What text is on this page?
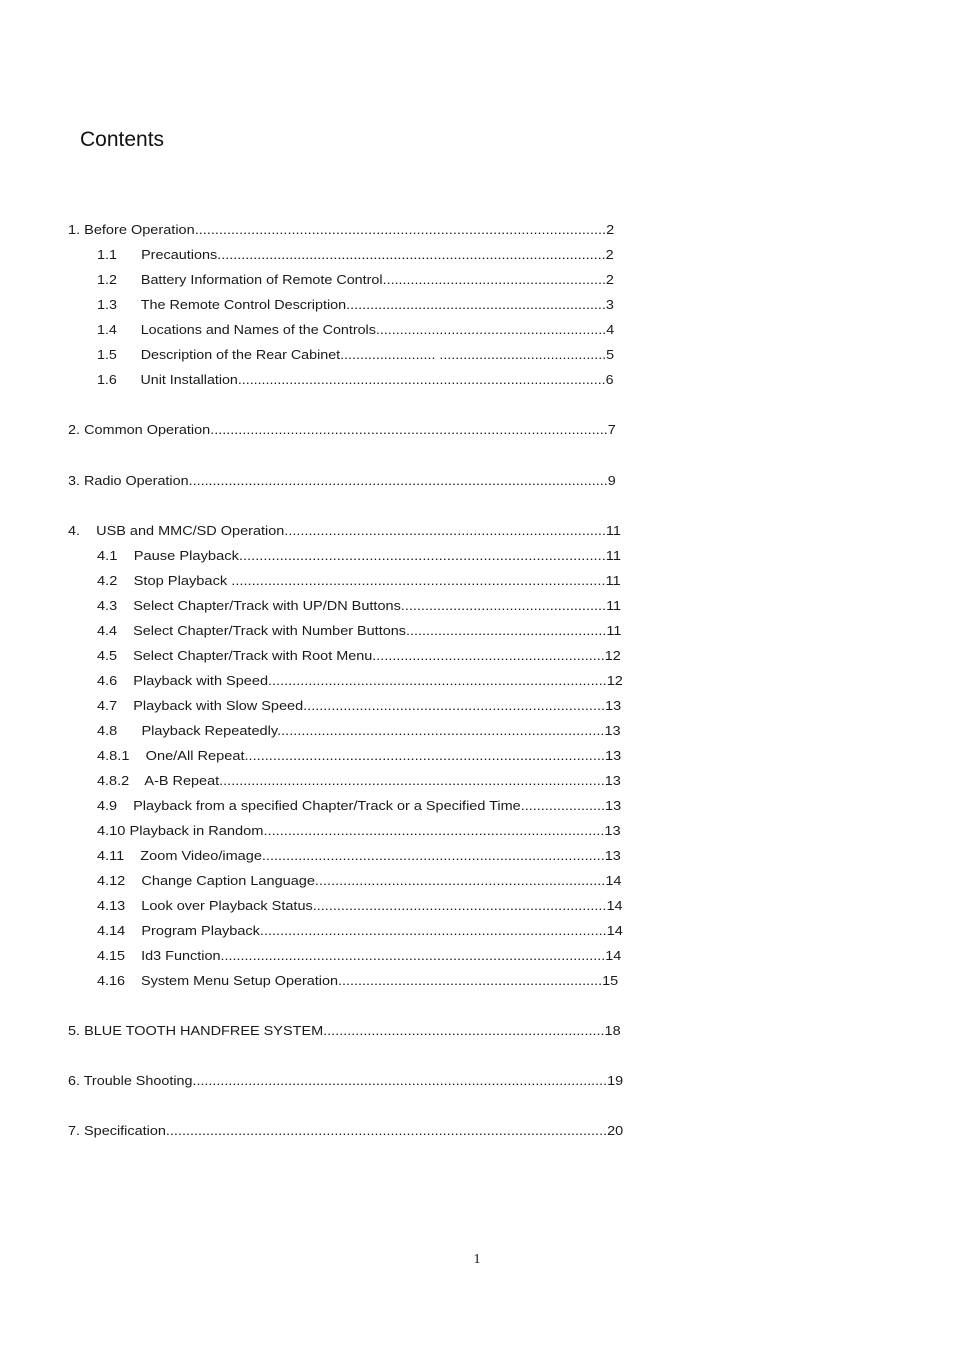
Contents
1. Before Operation......................................................................................................2
1.1      Precautions.................................................................................................2
1.2      Battery Information of Remote Control........................................................2
1.3      The Remote Control Description.................................................................3
1.4      Locations and Names of the Controls..........................................................4
1.5      Description of the Rear Cabinet........................ ..........................................5
1.6      Unit Installation.............................................................................................6
2. Common Operation...................................................................................................7
3. Radio Operation.........................................................................................................9
4.    USB and MMC/SD Operation................................................................................11
4.1    Pause Playback..........................................................................................11
4.2    Stop Playback ............................................................................................11
4.3    Select Chapter/Track with UP/DN Buttons...................................................11
4.4    Select Chapter/Track with Number Buttons..................................................11
4.5    Select Chapter/Track with Root Menu..........................................................12
4.6    Playback with Speed....................................................................................12
4.7    Playback with Slow Speed...........................................................................13
4.8      Playback Repeatedly.................................................................................13
4.8.1    One/All Repeat.........................................................................................13
4.8.2    A-B Repeat................................................................................................13
4.9    Playback from a specified Chapter/Track or a Specified Time.....................13
4.10 Playback in Random....................................................................................13
4.11    Zoom Video/image.....................................................................................13
4.12    Change Caption Language........................................................................14
4.13    Look over Playback Status.........................................................................14
4.14    Program Playback......................................................................................14
4.15    Id3 Function................................................................................................14
4.16    System Menu Setup Operation..................................................................15
5. BLUE TOOTH HANDFREE SYSTEM......................................................................18
6. Trouble Shooting........................................................................................................19
7. Specification..............................................................................................................20
1
